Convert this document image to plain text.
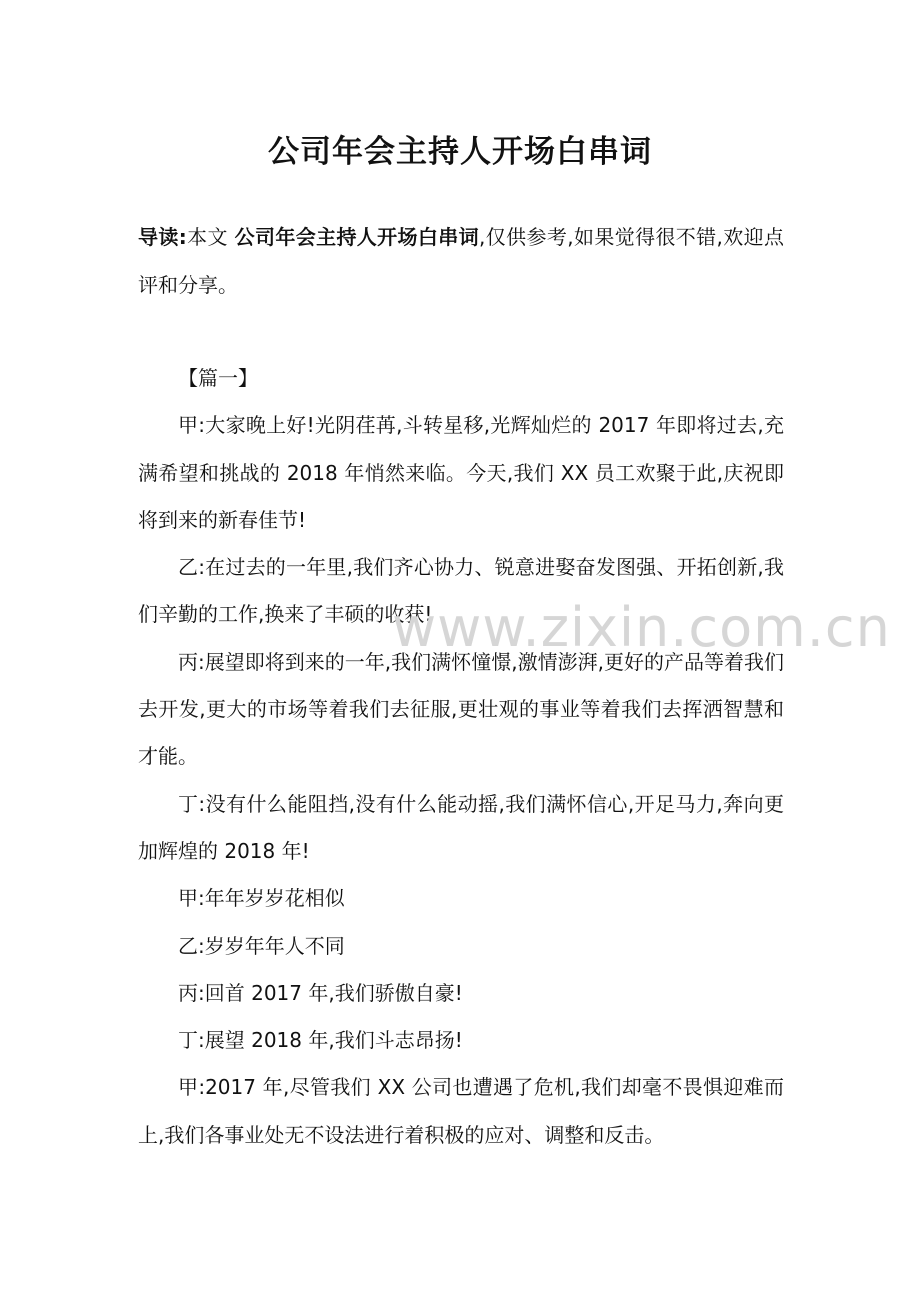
公司年会主持人开场白串词
导读:本文 公司年会主持人开场白串词,仅供参考,如果觉得很不错,欢迎点评和分享。

【篇一】

甲:大家晚上好!光阴荏苒,斗转星移,光辉灿烂的 2017 年即将过去,充满希望和挑战的 2018 年悄然来临。今天,我们 XX 员工欢聚于此,庆祝即将到来的新春佳节!

乙:在过去的一年里,我们齐心协力、锐意进娶奋发图强、开拓创新,我们辛勤的工作,换来了丰硕的收获!

丙:展望即将到来的一年,我们满怀憧憬,激情澎湃,更好的产品等着我们去开发,更大的市场等着我们去征服,更壮观的事业等着我们去挥洒智慧和才能。

丁:没有什么能阻挡,没有什么能动摇,我们满怀信心,开足马力,奔向更加辉煌的 2018 年!

甲:年年岁岁花相似

乙:岁岁年年人不同

丙:回首 2017 年,我们骄傲自豪!

丁:展望 2018 年,我们斗志昂扬!

甲:2017 年,尽管我们 XX 公司也遭遇了危机,我们却毫不畏惧迎难而上,我们各事业处无不设法进行着积极的应对、调整和反击。

www.zixin.com.cn
